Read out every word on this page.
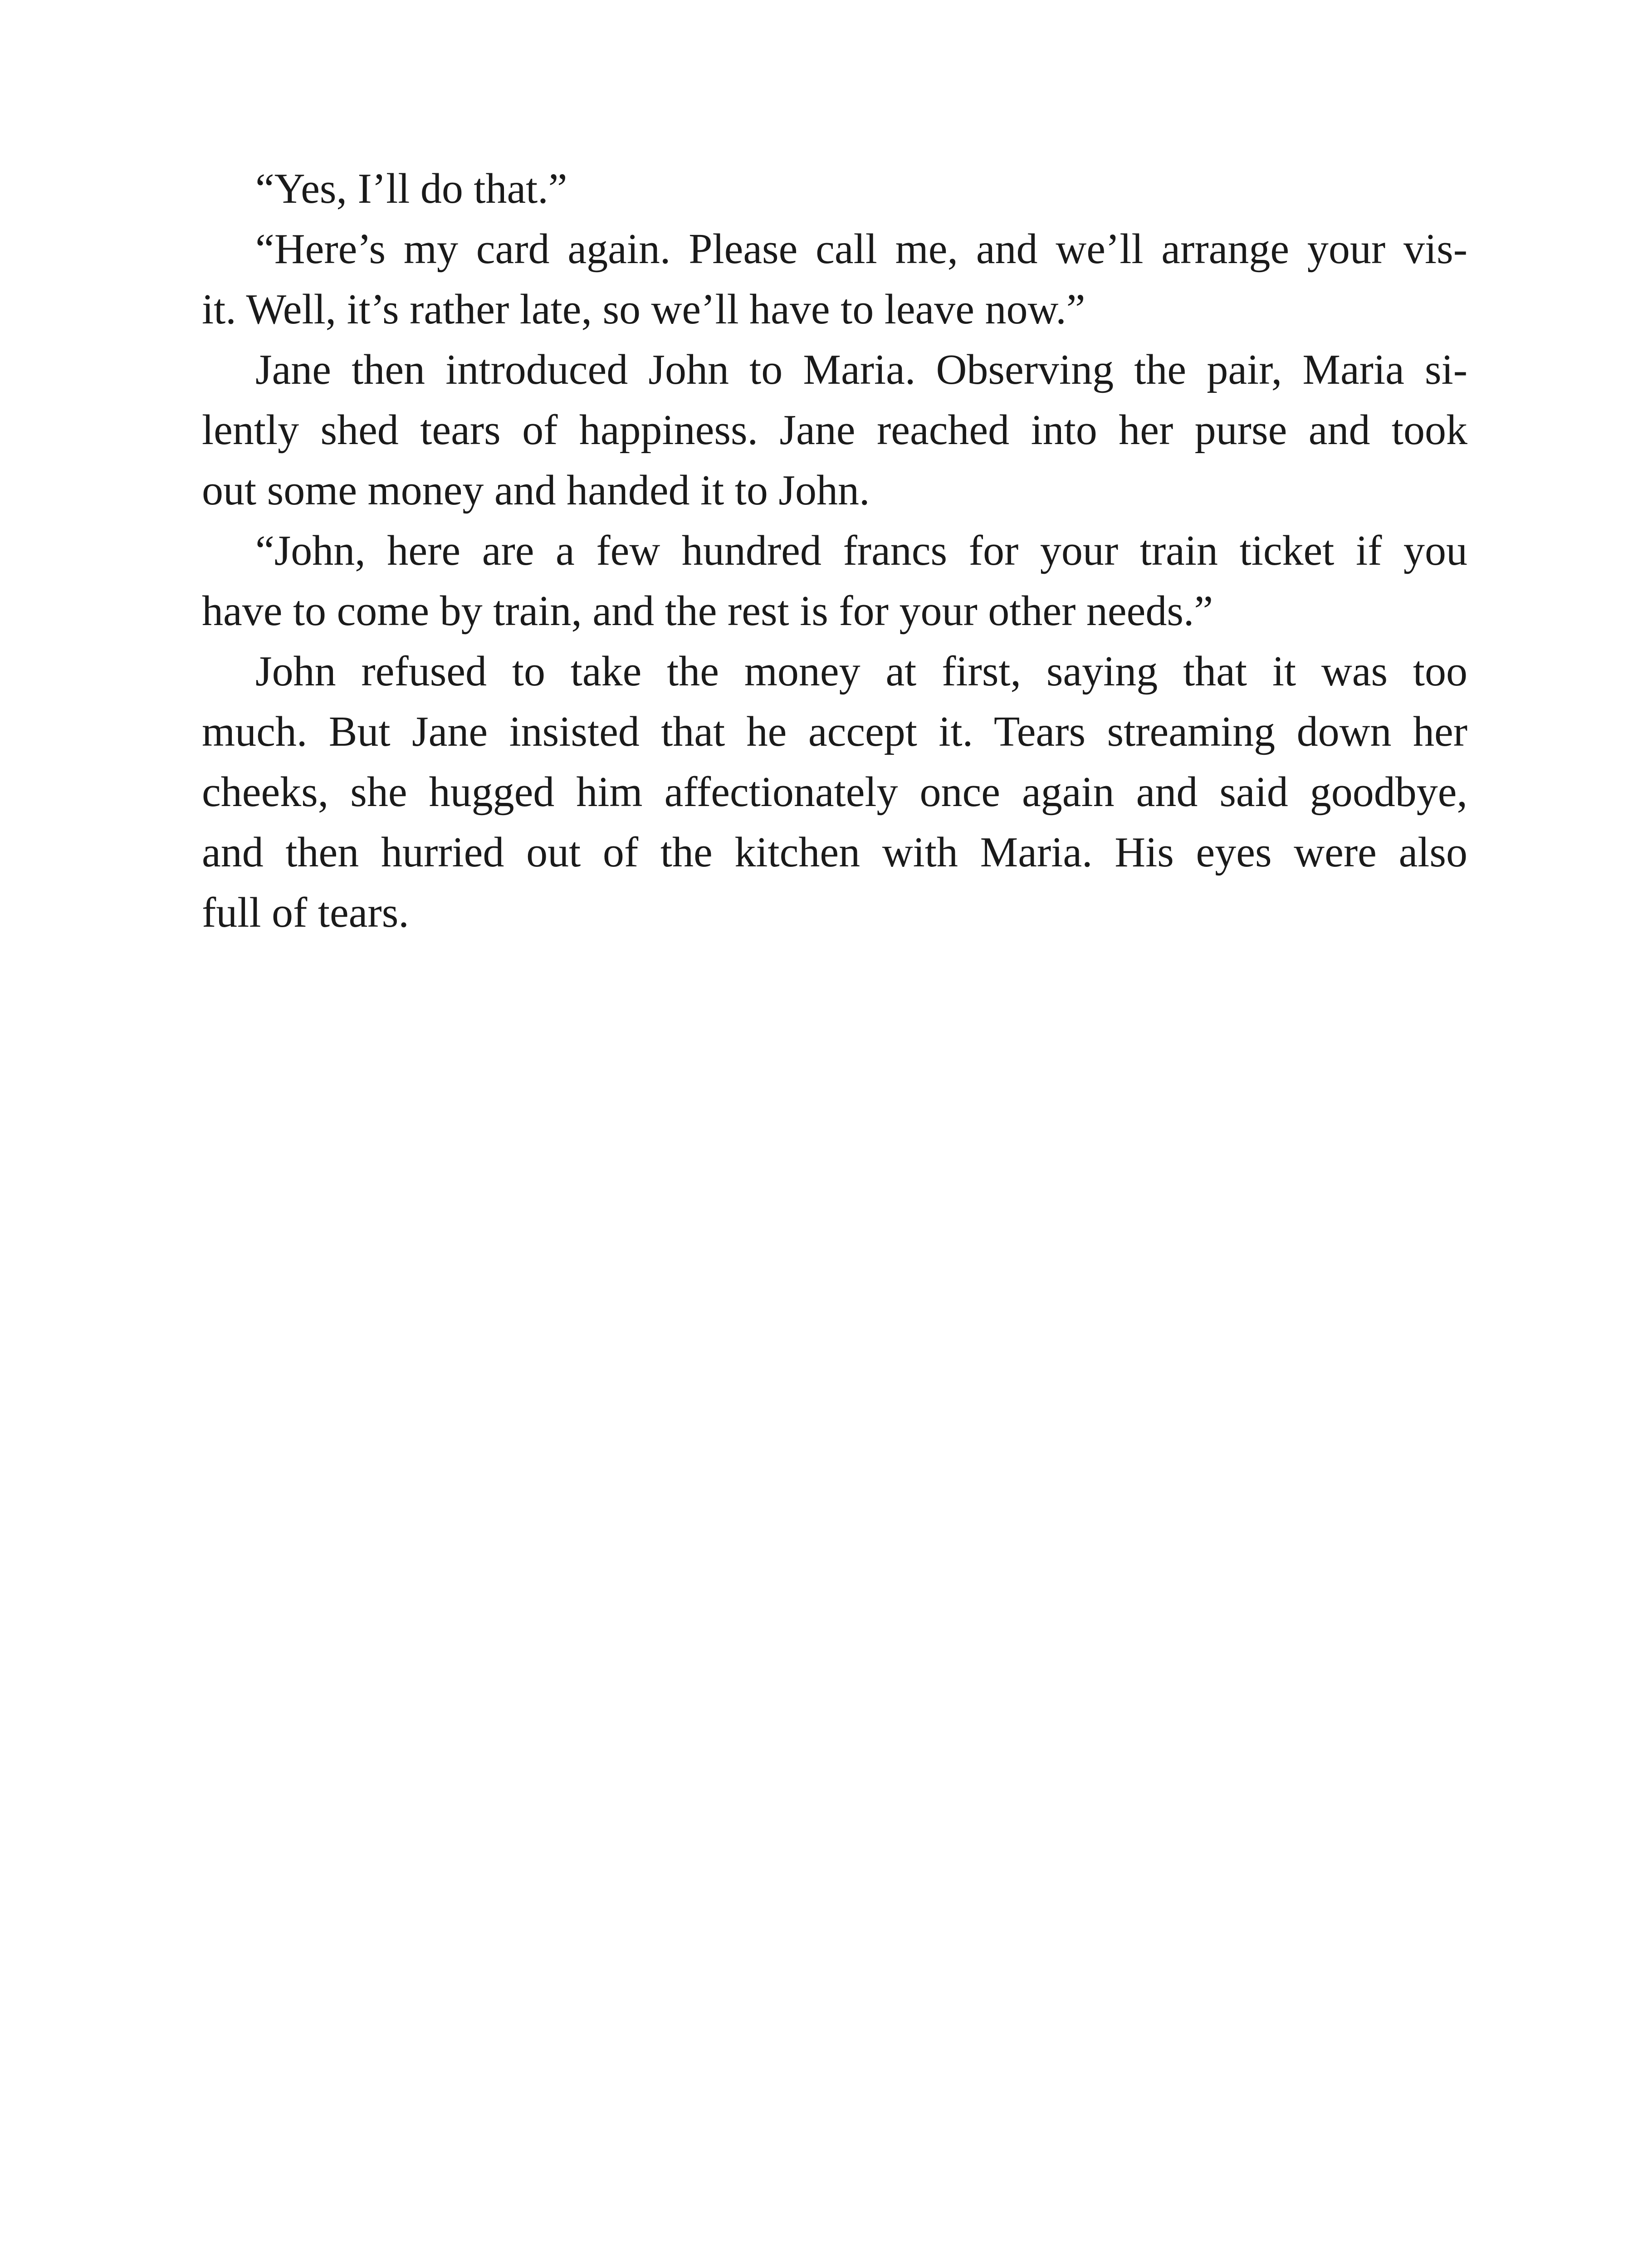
“Yes, I’ll do that.”
“Here’s my card again. Please call me, and we’ll arrange your vis-
it. Well, it’s rather late, so we’ll have to leave now.”
Jane then introduced John to Maria. Observing the pair, Maria si-
lently shed tears of happiness. Jane reached into her purse and took
out some money and handed it to John.
“John, here are a few hundred francs for your train ticket if you
have to come by train, and the rest is for your other needs.”
John refused to take the money at first, saying that it was too
much. But Jane insisted that he accept it. Tears streaming down her
cheeks, she hugged him affectionately once again and said goodbye,
and then hurried out of the kitchen with Maria. His eyes were also
full of tears.
